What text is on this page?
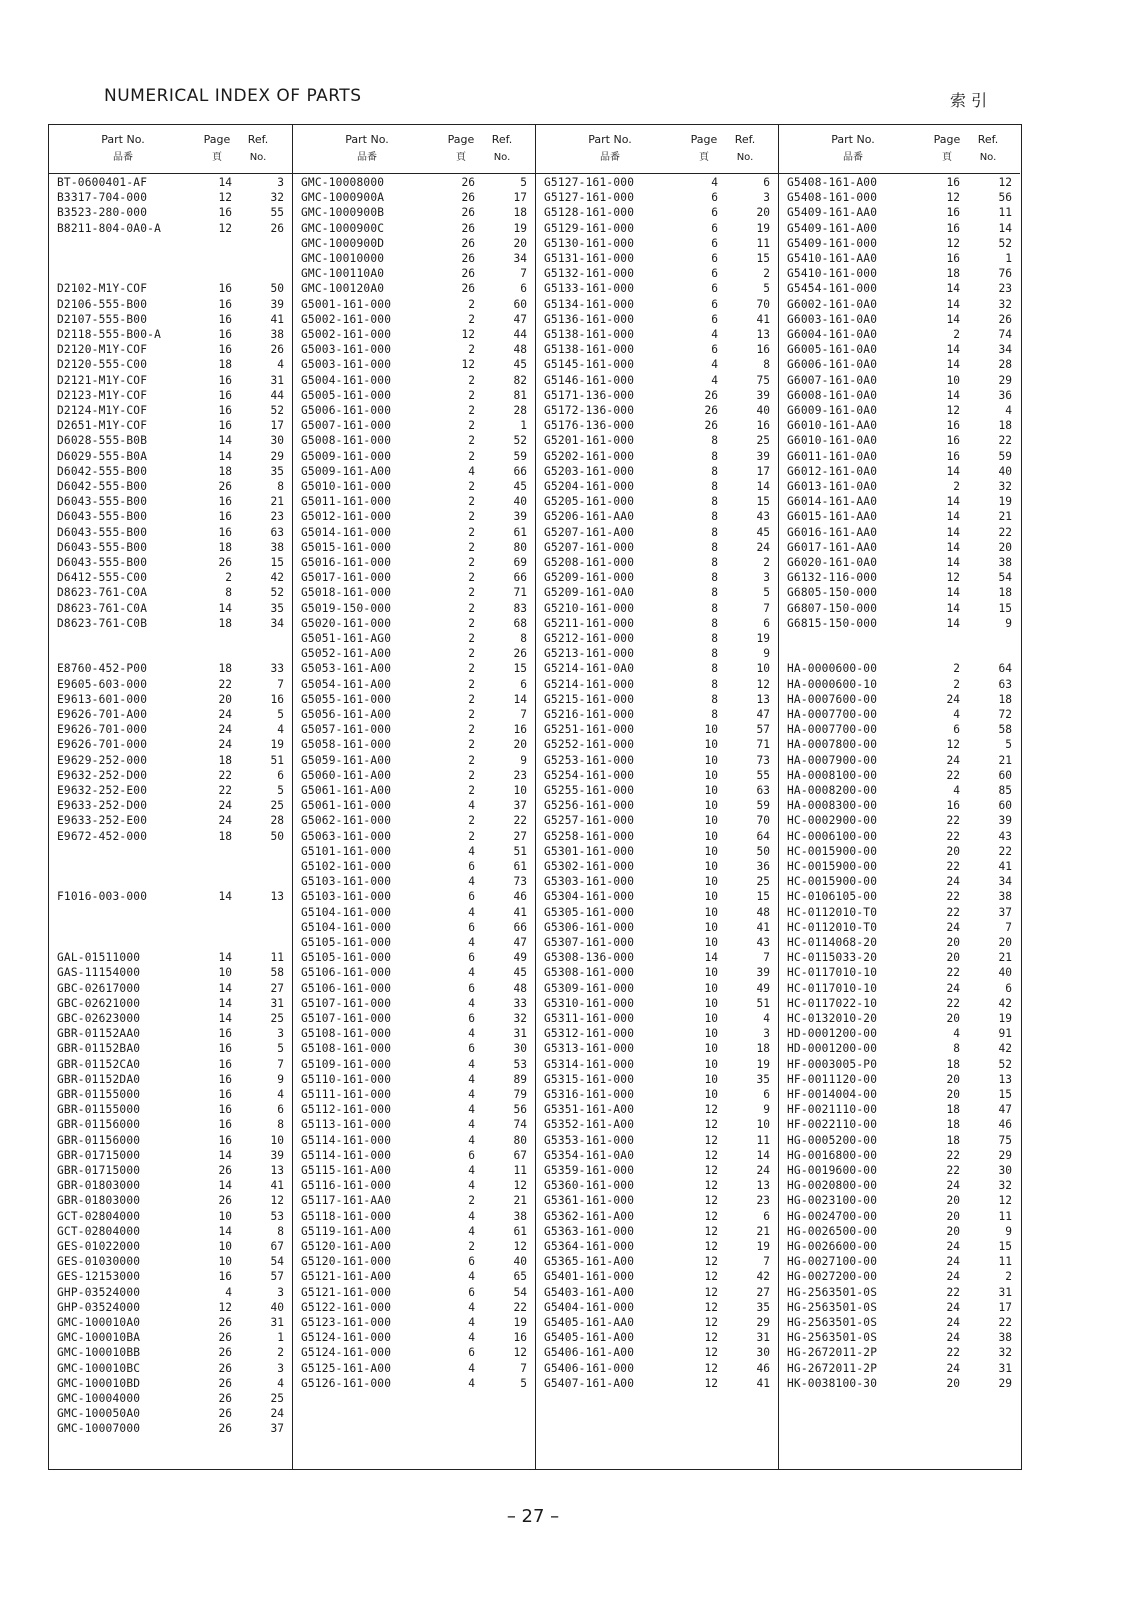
NUMERICAL INDEX OF PARTS	索 引
Part No.	Page	Ref.
品番	頁	No.
BT-0600401-AF	14	3
B3317-704-000	12	32
B3523-280-000	16	55
B8211-804-0A0-A	12	26
D2102-M1Y-COF	16	50
D2106-555-B00	16	39
D2107-555-B00	16	41
D2118-555-B00-A	16	38
D2120-M1Y-COF	16	26
D2120-555-C00	18	4
D2121-M1Y-COF	16	31
D2123-M1Y-COF	16	44
D2124-M1Y-COF	16	52
D2651-M1Y-COF	16	17
D6028-555-B0B	14	30
D6029-555-B0A	14	29
D6042-555-B00	18	35
D6042-555-B00	26	8
D6043-555-B00	16	21
D6043-555-B00	16	23
D6043-555-B00	16	63
D6043-555-B00	18	38
D6043-555-B00	26	15
D6412-555-C00	2	42
D8623-761-C0A	8	52
D8623-761-C0A	14	35
D8623-761-C0B	18	34
E8760-452-P00	18	33
E9605-603-000	22	7
E9613-601-000	20	16
E9626-701-A00	24	5
E9626-701-000	24	4
E9626-701-000	24	19
E9629-252-000	18	51
E9632-252-D00	22	6
E9632-252-E00	22	5
E9633-252-D00	24	25
E9633-252-E00	24	28
E9672-452-000	18	50
F1016-003-000	14	13
GAL-01511000	14	11
GAS-11154000	10	58
GBC-02617000	14	27
GBC-02621000	14	31
GBC-02623000	14	25
GBR-01152AA0	16	3
GBR-01152BA0	16	5
GBR-01152CA0	16	7
GBR-01152DA0	16	9
GBR-01155000	16	4
GBR-01155000	16	6
GBR-01156000	16	8
GBR-01156000	16	10
GBR-01715000	14	39
GBR-01715000	26	13
GBR-01803000	14	41
GBR-01803000	26	12
GCT-02804000	10	53
GCT-02804000	14	8
GES-01022000	10	67
GES-01030000	10	54
GES-12153000	16	57
GHP-03524000	4	3
GHP-03524000	12	40
GMC-100010A0	26	31
GMC-100010BA	26	1
GMC-100010BB	26	2
GMC-100010BC	26	3
GMC-100010BD	26	4
GMC-10004000	26	25
GMC-100050A0	26	24
GMC-10007000	26	37
Part No.	Page	Ref.
品番	頁	No.
GMC-10008000	26	5
GMC-1000900A	26	17
GMC-1000900B	26	18
GMC-1000900C	26	19
GMC-1000900D	26	20
GMC-10010000	26	34
GMC-100110A0	26	7
GMC-100120A0	26	6
G5001-161-000	2	60
G5002-161-000	2	47
G5002-161-000	12	44
G5003-161-000	2	48
G5003-161-000	12	45
G5004-161-000	2	82
G5005-161-000	2	81
G5006-161-000	2	28
G5007-161-000	2	1
G5008-161-000	2	52
G5009-161-000	2	59
G5009-161-A00	4	66
G5010-161-000	2	45
G5011-161-000	2	40
G5012-161-000	2	39
G5014-161-000	2	61
G5015-161-000	2	80
G5016-161-000	2	69
G5017-161-000	2	66
G5018-161-000	2	71
G5019-150-000	2	83
G5020-161-000	2	68
G5051-161-AG0	2	8
G5052-161-A00	2	26
G5053-161-A00	2	15
G5054-161-A00	2	6
G5055-161-000	2	14
G5056-161-A00	2	7
G5057-161-000	2	16
G5058-161-000	2	20
G5059-161-A00	2	9
G5060-161-A00	2	23
G5061-161-A00	2	10
G5061-161-000	4	37
G5062-161-000	2	22
G5063-161-000	2	27
G5101-161-000	4	51
G5102-161-000	6	61
G5103-161-000	4	73
G5103-161-000	6	46
G5104-161-000	4	41
G5104-161-000	6	66
G5105-161-000	4	47
G5105-161-000	6	49
G5106-161-000	4	45
G5106-161-000	6	48
G5107-161-000	4	33
G5107-161-000	6	32
G5108-161-000	4	31
G5108-161-000	6	30
G5109-161-000	4	53
G5110-161-000	4	89
G5111-161-000	4	79
G5112-161-000	4	56
G5113-161-000	4	74
G5114-161-000	4	80
G5114-161-000	6	67
G5115-161-A00	4	11
G5116-161-000	4	12
G5117-161-AA0	2	21
G5118-161-000	4	38
G5119-161-A00	4	61
G5120-161-A00	2	12
G5120-161-000	6	40
G5121-161-A00	4	65
G5121-161-000	6	54
G5122-161-000	4	22
G5123-161-000	4	19
G5124-161-000	4	16
G5124-161-000	6	12
G5125-161-A00	4	7
G5126-161-000	4	5
Part No.	Page	Ref.
品番	頁	No.
G5127-161-000	4	6
G5127-161-000	6	3
G5128-161-000	6	20
G5129-161-000	6	19
G5130-161-000	6	11
G5131-161-000	6	15
G5132-161-000	6	2
G5133-161-000	6	5
G5134-161-000	6	70
G5136-161-000	6	41
G5138-161-000	4	13
G5138-161-000	6	16
G5145-161-000	4	8
G5146-161-000	4	75
G5171-136-000	26	39
G5172-136-000	26	40
G5176-136-000	26	16
G5201-161-000	8	25
G5202-161-000	8	39
G5203-161-000	8	17
G5204-161-000	8	14
G5205-161-000	8	15
G5206-161-AA0	8	43
G5207-161-A00	8	45
G5207-161-000	8	24
G5208-161-000	8	2
G5209-161-000	8	3
G5209-161-0A0	8	5
G5210-161-000	8	7
G5211-161-000	8	6
G5212-161-000	8	19
G5213-161-000	8	9
G5214-161-0A0	8	10
G5214-161-000	8	12
G5215-161-000	8	13
G5216-161-000	8	47
G5251-161-000	10	57
G5252-161-000	10	71
G5253-161-000	10	73
G5254-161-000	10	55
G5255-161-000	10	63
G5256-161-000	10	59
G5257-161-000	10	70
G5258-161-000	10	64
G5301-161-000	10	50
G5302-161-000	10	36
G5303-161-000	10	25
G5304-161-000	10	15
G5305-161-000	10	48
G5306-161-000	10	41
G5307-161-000	10	43
G5308-136-000	14	7
G5308-161-000	10	39
G5309-161-000	10	49
G5310-161-000	10	51
G5311-161-000	10	4
G5312-161-000	10	3
G5313-161-000	10	18
G5314-161-000	10	19
G5315-161-000	10	35
G5316-161-000	10	6
G5351-161-A00	12	9
G5352-161-A00	12	10
G5353-161-000	12	11
G5354-161-0A0	12	14
G5359-161-000	12	24
G5360-161-000	12	13
G5361-161-000	12	23
G5362-161-A00	12	6
G5363-161-000	12	21
G5364-161-000	12	19
G5365-161-A00	12	7
G5401-161-000	12	42
G5403-161-A00	12	27
G5404-161-000	12	35
G5405-161-AA0	12	29
G5405-161-A00	12	31
G5406-161-A00	12	30
G5406-161-000	12	46
G5407-161-A00	12	41
Part No.	Page	Ref.
品番	頁	No.
G5408-161-A00	16	12
G5408-161-000	12	56
G5409-161-AA0	16	11
G5409-161-A00	16	14
G5409-161-000	12	52
G5410-161-AA0	16	1
G5410-161-000	18	76
G5454-161-000	14	23
G6002-161-0A0	14	32
G6003-161-0A0	14	26
G6004-161-0A0	2	74
G6005-161-0A0	14	34
G6006-161-0A0	14	28
G6007-161-0A0	10	29
G6008-161-0A0	14	36
G6009-161-0A0	12	4
G6010-161-AA0	16	18
G6010-161-0A0	16	22
G6011-161-0A0	16	59
G6012-161-0A0	14	40
G6013-161-0A0	2	32
G6014-161-AA0	14	19
G6015-161-AA0	14	21
G6016-161-AA0	14	22
G6017-161-AA0	14	20
G6020-161-0A0	14	38
G6132-116-000	12	54
G6805-150-000	14	18
G6807-150-000	14	15
G6815-150-000	14	9
HA-0000600-00	2	64
HA-0000600-10	2	63
HA-0007600-00	24	18
HA-0007700-00	4	72
HA-0007700-00	6	58
HA-0007800-00	12	5
HA-0007900-00	24	21
HA-0008100-00	22	60
HA-0008200-00	4	85
HA-0008300-00	16	60
HC-0002900-00	22	39
HC-0006100-00	22	43
HC-0015900-00	20	22
HC-0015900-00	22	41
HC-0015900-00	24	34
HC-0106105-00	22	38
HC-0112010-T0	22	37
HC-0112010-T0	24	7
HC-0114068-20	20	20
HC-0115033-20	20	21
HC-0117010-10	22	40
HC-0117010-10	24	6
HC-0117022-10	22	42
HC-0132010-20	20	19
HD-0001200-00	4	91
HD-0001200-00	8	42
HF-0003005-P0	18	52
HF-0011120-00	20	13
HF-0014004-00	20	15
HF-0021110-00	18	47
HF-0022110-00	18	46
HG-0005200-00	18	75
HG-0016800-00	22	29
HG-0019600-00	22	30
HG-0020800-00	24	32
HG-0023100-00	20	12
HG-0024700-00	20	11
HG-0026500-00	20	9
HG-0026600-00	24	15
HG-0027100-00	24	11
HG-0027200-00	24	2
HG-2563501-0S	22	31
HG-2563501-0S	24	17
HG-2563501-0S	24	22
HG-2563501-0S	24	38
HG-2672011-2P	22	32
HG-2672011-2P	24	31
HK-0038100-30	20	29
– 27 –
